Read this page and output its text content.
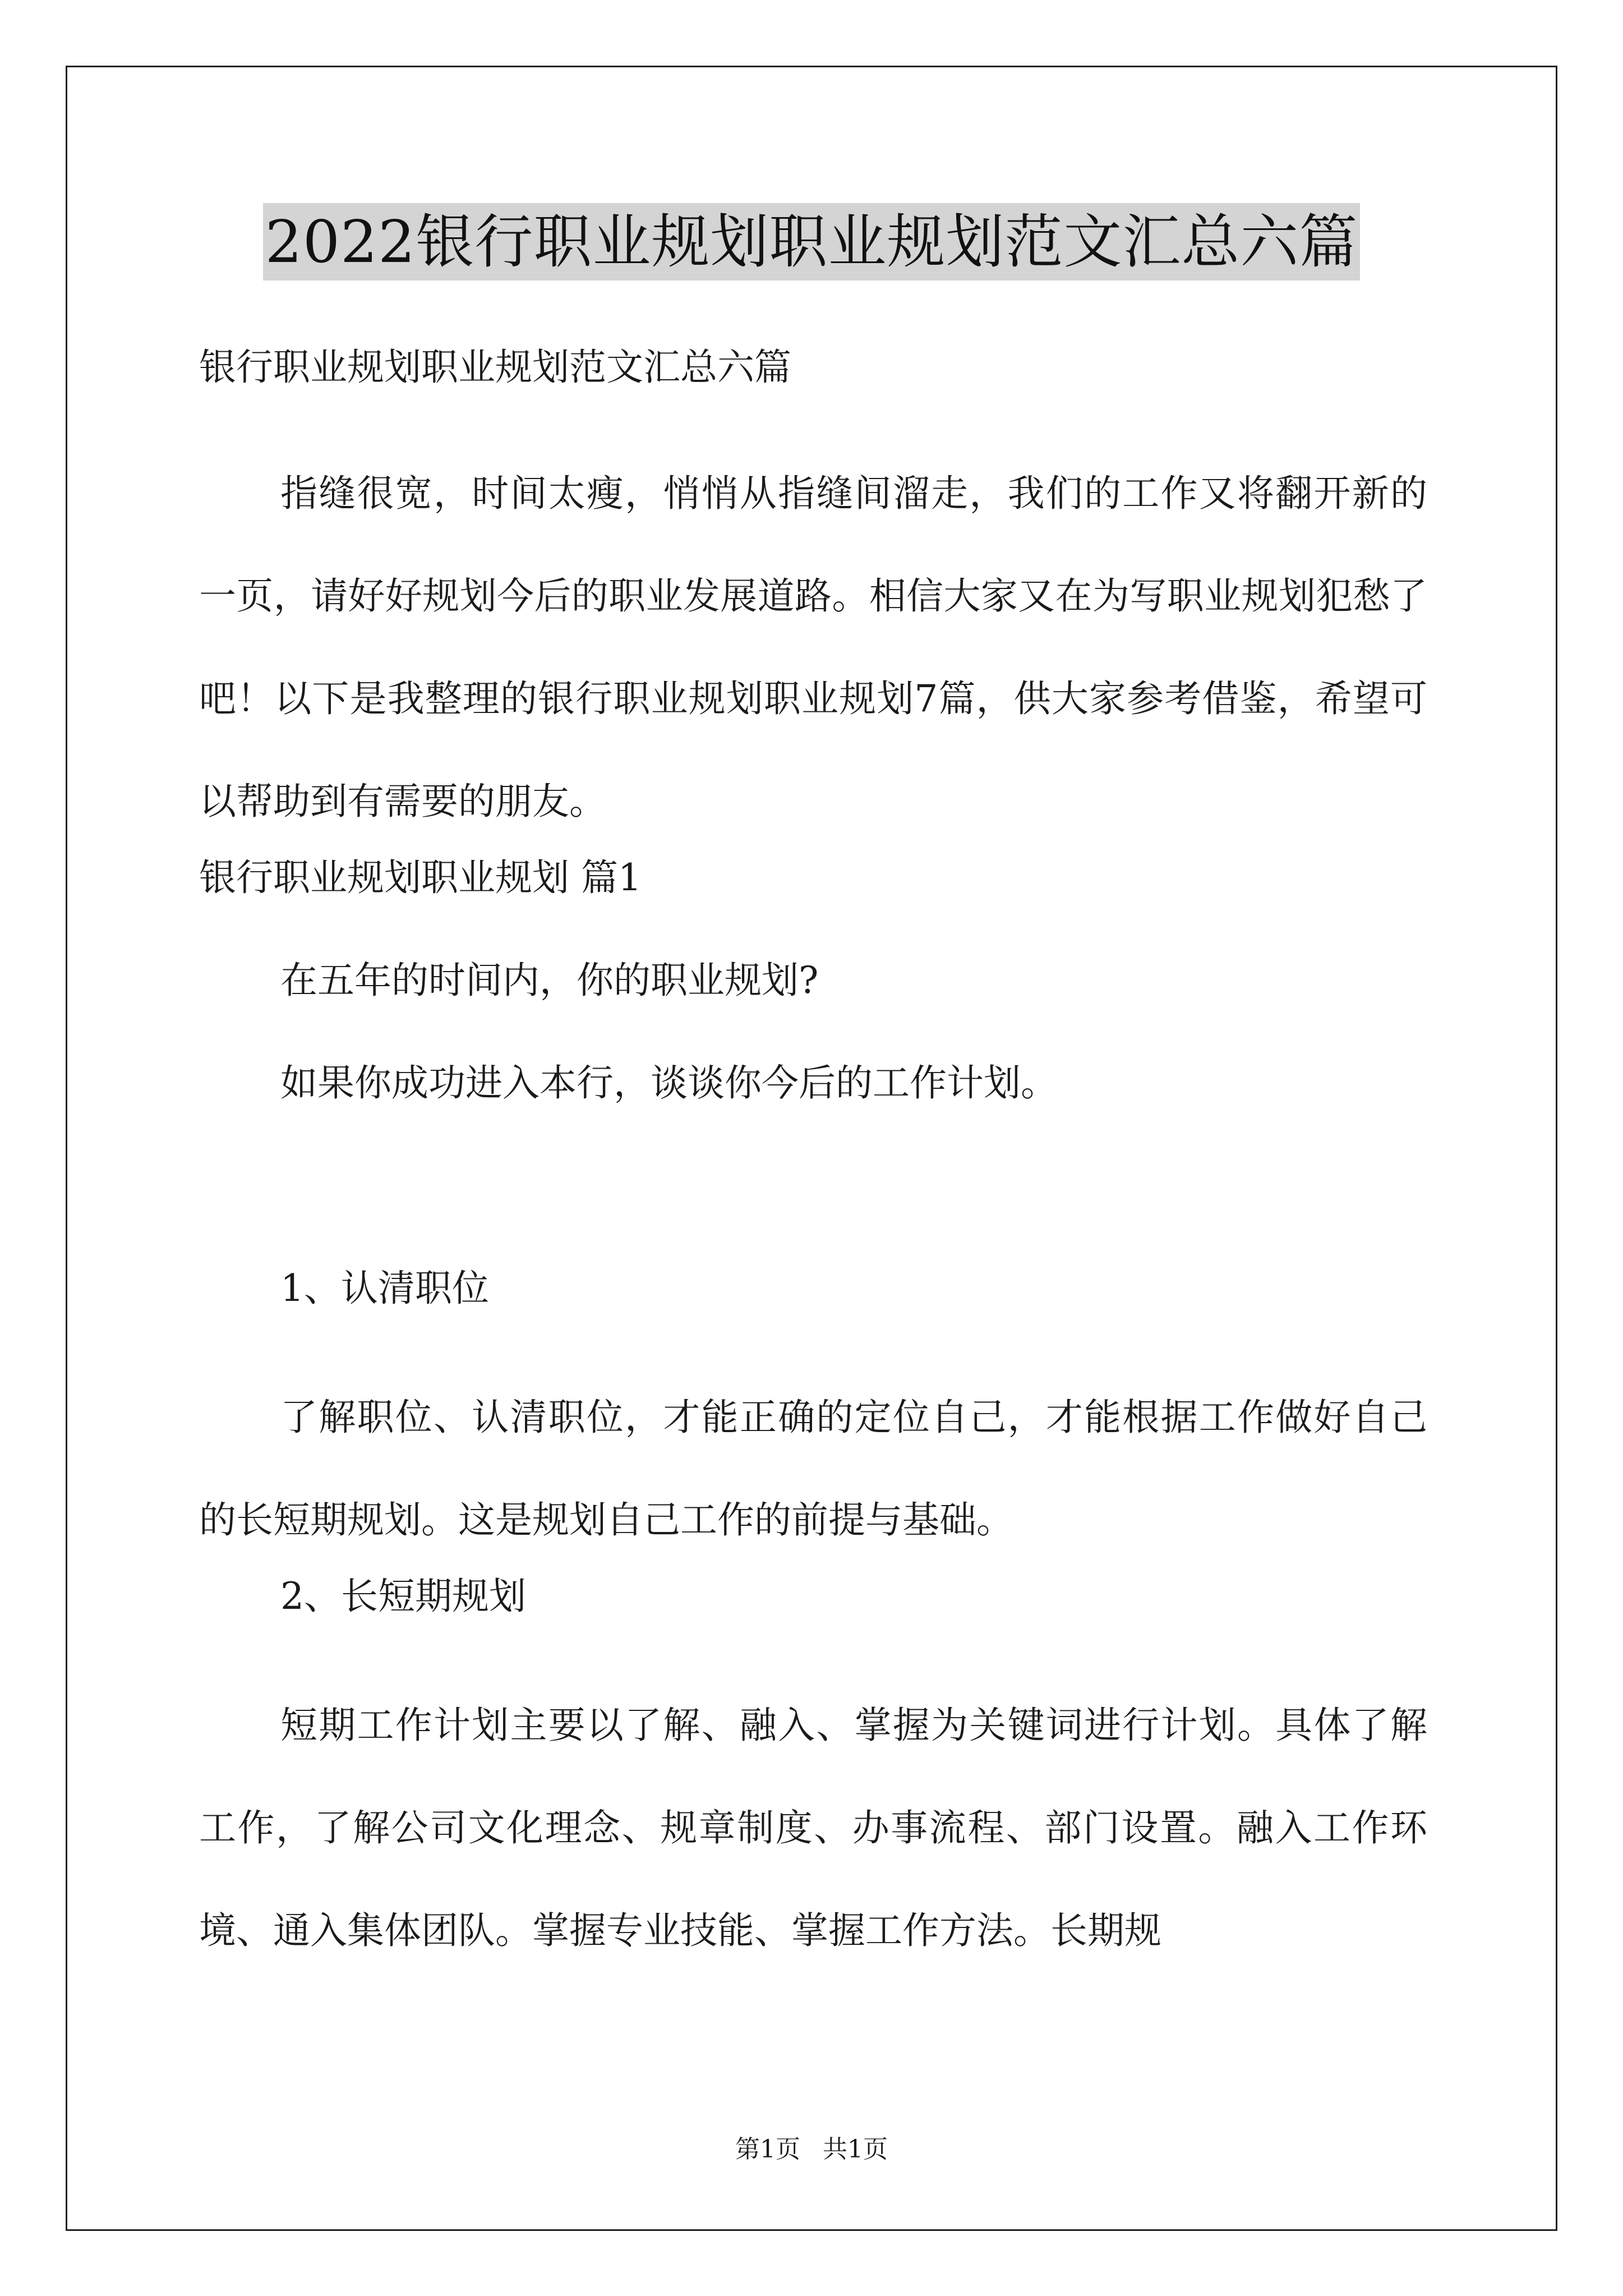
2022银行职业规划职业规划范文汇总六篇

银行职业规划职业规划范文汇总六篇

指缝很宽，时间太瘦，悄悄从指缝间溜走，我们的工作又将翻开新的一页，请好好规划今后的职业发展道路。相信大家又在为写职业规划犯愁了吧！以下是我整理的银行职业规划职业规划7篇，供大家参考借鉴，希望可以帮助到有需要的朋友。

银行职业规划职业规划 篇1

在五年的时间内，你的职业规划?

如果你成功进入本行，谈谈你今后的工作计划。

1、认清职位

了解职位、认清职位，才能正确的定位自己，才能根据工作做好自己的长短期规划。这是规划自己工作的前提与基础。

2、长短期规划

短期工作计划主要以了解、融入、掌握为关键词进行计划。具体了解工作，了解公司文化理念、规章制度、办事流程、部门设置。融入工作环境、通入集体团队。掌握专业技能、掌握工作方法。长期规

第1页 共1页
